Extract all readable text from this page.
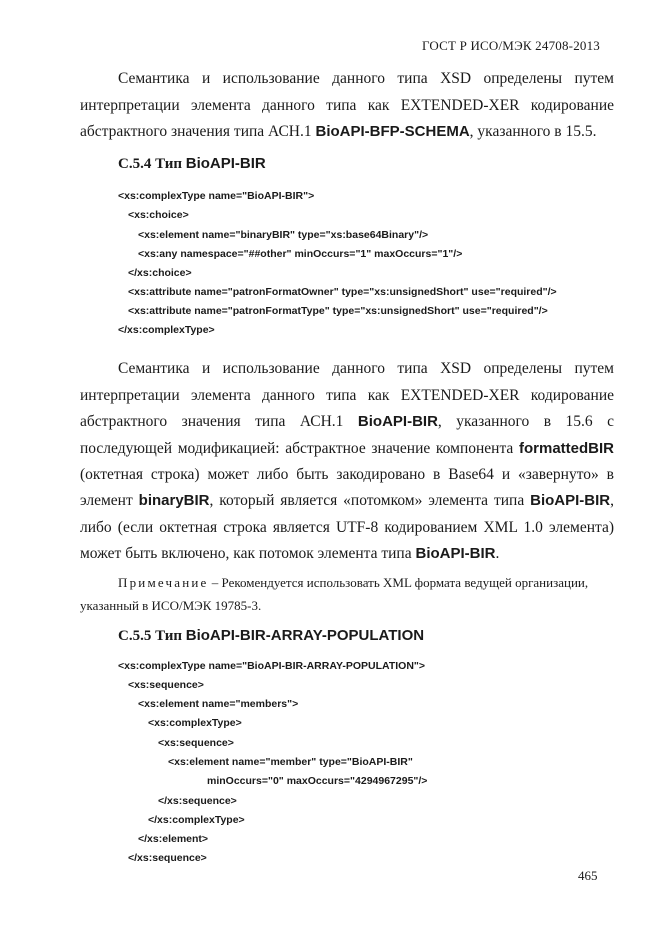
ГОСТ Р ИСО/МЭК 24708-2013
Семантика и использование данного типа XSD определены путем
интерпретации элемента данного типа как EXTENDED-XER кодирование
абстрактного значения типа АСН.1 BioAPI-BFP-SCHEMA, указанного в 15.5.
С.5.4 Тип BioAPI-BIR
<xs:complexType name="BioAPI-BIR">
<xs:choice>
<xs:element name="binaryBIR" type="xs:base64Binary"/>
<xs:any namespace="##other" minOccurs="1" maxOccurs="1"/>
</xs:choice>
<xs:attribute name="patronFormatOwner" type="xs:unsignedShort" use="required"/>
<xs:attribute name="patronFormatType" type="xs:unsignedShort" use="required"/>
</xs:complexType>
Семантика и использование данного типа XSD определены путем
интерпретации элемента данного типа как EXTENDED-XER кодирование
абстрактного значения типа АСН.1 BioAPI-BIR, указанного в 15.6 с
последующей модификацией: абстрактное значение компонента formattedBIR
(октетная строка) может либо быть закодировано в Base64 и «завернуто» в
элемент binaryBIR, который является «потомком» элемента типа BioAPI-BIR,
либо (если октетная строка является UTF-8 кодированием XML 1.0 элемента)
может быть включено, как потомок элемента типа BioAPI-BIR.
Примечание – Рекомендуется использовать XML формата ведущей организации,
указанный в ИСО/МЭК 19785-3.
С.5.5 Тип BioAPI-BIR-ARRAY-POPULATION
<xs:complexType name="BioAPI-BIR-ARRAY-POPULATION">
<xs:sequence>
<xs:element name="members">
<xs:complexType>
<xs:sequence>
<xs:element name="member" type="BioAPI-BIR"
minOccurs="0" maxOccurs="4294967295"/>
</xs:sequence>
</xs:complexType>
</xs:element>
</xs:sequence>
465
